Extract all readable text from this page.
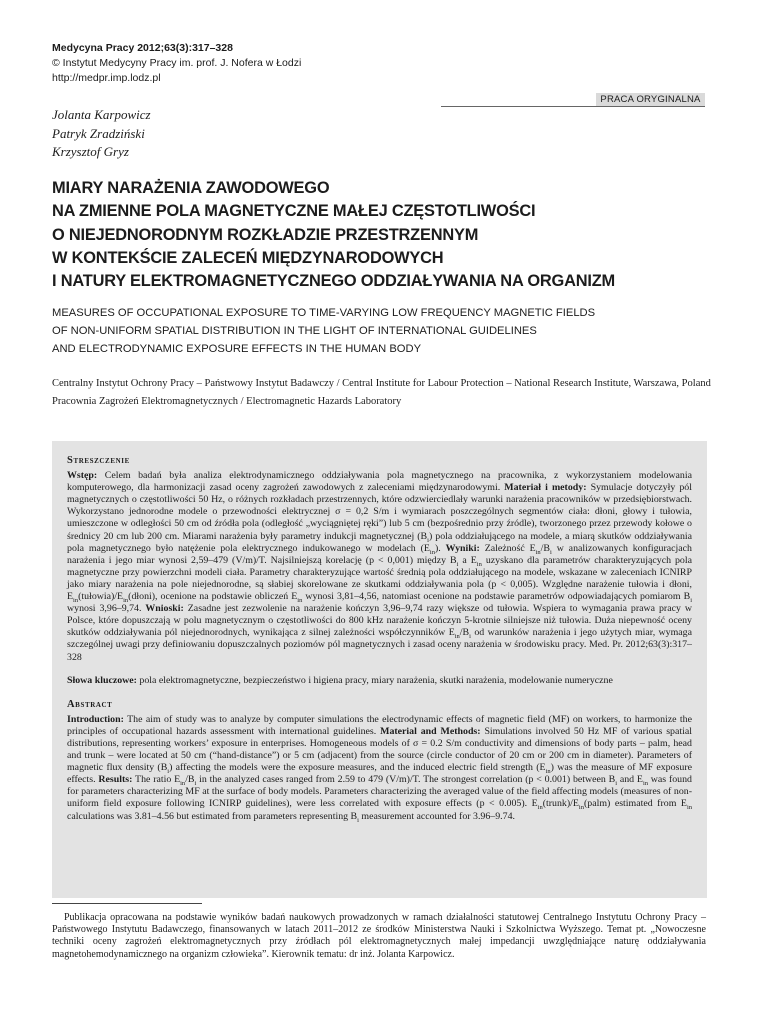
Medycyna Pracy 2012;63(3):317–328
© Instytut Medycyny Pracy im. prof. J. Nofera w Łodzi
http://medpr.imp.lodz.pl
PRACA ORYGINALNA
Jolanta Karpowicz
Patryk Zradziński
Krzysztof Gryz
MIARY NARAŻENIA ZAWODOWEGO
NA ZMIENNE POLA MAGNETYCZNE MAŁEJ CZĘSTOTLIWOŚCI
O NIEJEDNORODNYM ROZKŁADZIE PRZESTRZENNYM
W KONTEKŚCIE ZALECEŃ MIĘDZYNARODOWYCH
I NATURY ELEKTROMAGNETYCZNEGO ODDZIAŁYWANIA NA ORGANIZM
MEASURES OF OCCUPATIONAL EXPOSURE TO TIME-VARYING LOW FREQUENCY MAGNETIC FIELDS
OF NON-UNIFORM SPATIAL DISTRIBUTION IN THE LIGHT OF INTERNATIONAL GUIDELINES
AND ELECTRODYNAMIC EXPOSURE EFFECTS IN THE HUMAN BODY

Centralny Instytut Ochrony Pracy – Państwowy Instytut Badawczy / Central Institute for Labour Protection – National Research Institute, Warszawa, Poland

Pracownia Zagrożeń Elektromagnetycznych / Electromagnetic Hazards Laboratory

Streszczenie

Wstęp: Celem badań była analiza elektrodynamicznego oddziaływania pola magnetycznego na pracownika, z wykorzystaniem modelowania komputerowego, dla harmonizacji zasad oceny zagrożeń zawodowych z zaleceniami międzynarodowymi. Materiał i metody: Symulacje dotyczyły pól magnetycznych o częstotliwości 50 Hz, o różnych rozkładach przestrzennych, które odzwierciedlały warunki narażenia pracowników w przedsiębiorstwach. Wykorzystano jednorodne modele o przewodności elektrycznej σ = 0,2 S/m i wymiarach poszczególnych segmentów ciała: dłoni, głowy i tułowia, umieszczone w odległości 50 cm od źródła pola (odległość „wyciągniętej ręki”) lub 5 cm (bezpośrednio przy źródle), tworzonego przez przewody kołowe o średnicy 20 cm lub 200 cm. Miarami narażenia były parametry indukcji magnetycznej $(B_i)$ pola oddziałującego na modele, a miarą skutków oddziaływania pola magnetycznego było natężenie pola elektrycznego indukowanego w modelach $(E_{in})$. Wyniki: Zależność $E_{in}/B_i$ w analizowanych konfiguracjach narażenia i jego miar wynosi 2,59–479 (V/m)/T. Najsilniejszą korelację (p < 0,001) między $B_i$ a $E_{in}$ uzyskano dla parametrów charakteryzujących pola magnetyczne przy powierzchni modeli ciała. Parametry charakteryzujące wartość średnią pola oddziałującego na modele, wskazane w zaleceniach ICNIRP jako miary narażenia na pole niejednorodne, są słabiej skorelowane ze skutkami oddziaływania pola (p < 0,005). Względne narażenie tułowia i dłoni, $E_{in}(tułowia)/E_{in}(dłoni)$, ocenione na podstawie obliczeń $E_{in}$ wynosi 3,81–4,56, natomiast ocenione na podstawie parametrów odpowiadających pomiarom $B_i$ wynosi 3,96–9,74. Wnioski: Zasadne jest zezwolenie na narażenie kończyn 3,96–9,74 razy większe od tułowia. Wspiera to wymagania prawa pracy w Polsce, które dopuszczają w polu magnetycznym o częstotliwości do 800 kHz narażenie kończyn 5-krotnie silniejsze niż tułowia. Duża niepewność oceny skutków oddziaływania pól niejednorodnych, wynikająca z silnej zależności współczynników $E_{in}/B_i$ od warunków narażenia i jego użytych miar, wymaga szczególnej uwagi przy definiowaniu dopuszczalnych poziomów pól magnetycznych i zasad oceny narażenia w środowisku pracy. Med. Pr. 2012;63(3):317–328

Słowa kluczowe: pola elektromagnetyczne, bezpieczeństwo i higiena pracy, miary narażenia, skutki narażenia, modelowanie numeryczne

Abstract

Introduction: The aim of study was to analyze by computer simulations the electrodynamic effects of magnetic field (MF) on workers, to harmonize the principles of occupational hazards assessment with international guidelines. Material and Methods: Simulations involved 50 Hz MF of various spatial distributions, representing workers’ exposure in enterprises. Homogeneous models of σ = 0.2 S/m conductivity and dimensions of body parts – palm, head and trunk – were located at 50 cm (“hand-distance”) or 5 cm (adjacent) from the source (circle conductor of 20 cm or 200 cm in diameter). Parameters of magnetic flux density $(B_i)$ affecting the models were the exposure measures, and the induced electric field strength $(E_{in})$ was the measure of MF exposure effects. Results: The ratio $E_{in}/B_i$ in the analyzed cases ranged from 2.59 to 479 (V/m)/T. The strongest correlation (p < 0.001) between $B_i$ and $E_{in}$ was found for parameters characterizing MF at the surface of body models. Parameters characterizing the averaged value of the field affecting models (measures of non-uniform field exposure following ICNIRP guidelines), were less correlated with exposure effects (p < 0.005). $E_{in}(trunk)/E_{in}(palm)$ estimated from $E_{in}$ calculations was 3.81–4.56 but estimated from parameters representing $B_i$ measurement accounted for 3.96–9.74.

Publikacja opracowana na podstawie wyników badań naukowych prowadzonych w ramach działalności statutowej Centralnego Instytutu Ochrony Pracy – Państwowego Instytutu Badawczego, finansowanych w latach 2011–2012 ze środków Ministerstwa Nauki i Szkolnictwa Wyższego. Temat pt. „Nowoczesne techniki oceny zagrożeń elektromagnetycznych przy źródłach pól elektromagnetycznych małej impedancji uwzględniające naturę oddziaływania magnetohemodynamicznego na organizm człowieka”. Kierownik tematu: dr inż. Jolanta Karpowicz.
